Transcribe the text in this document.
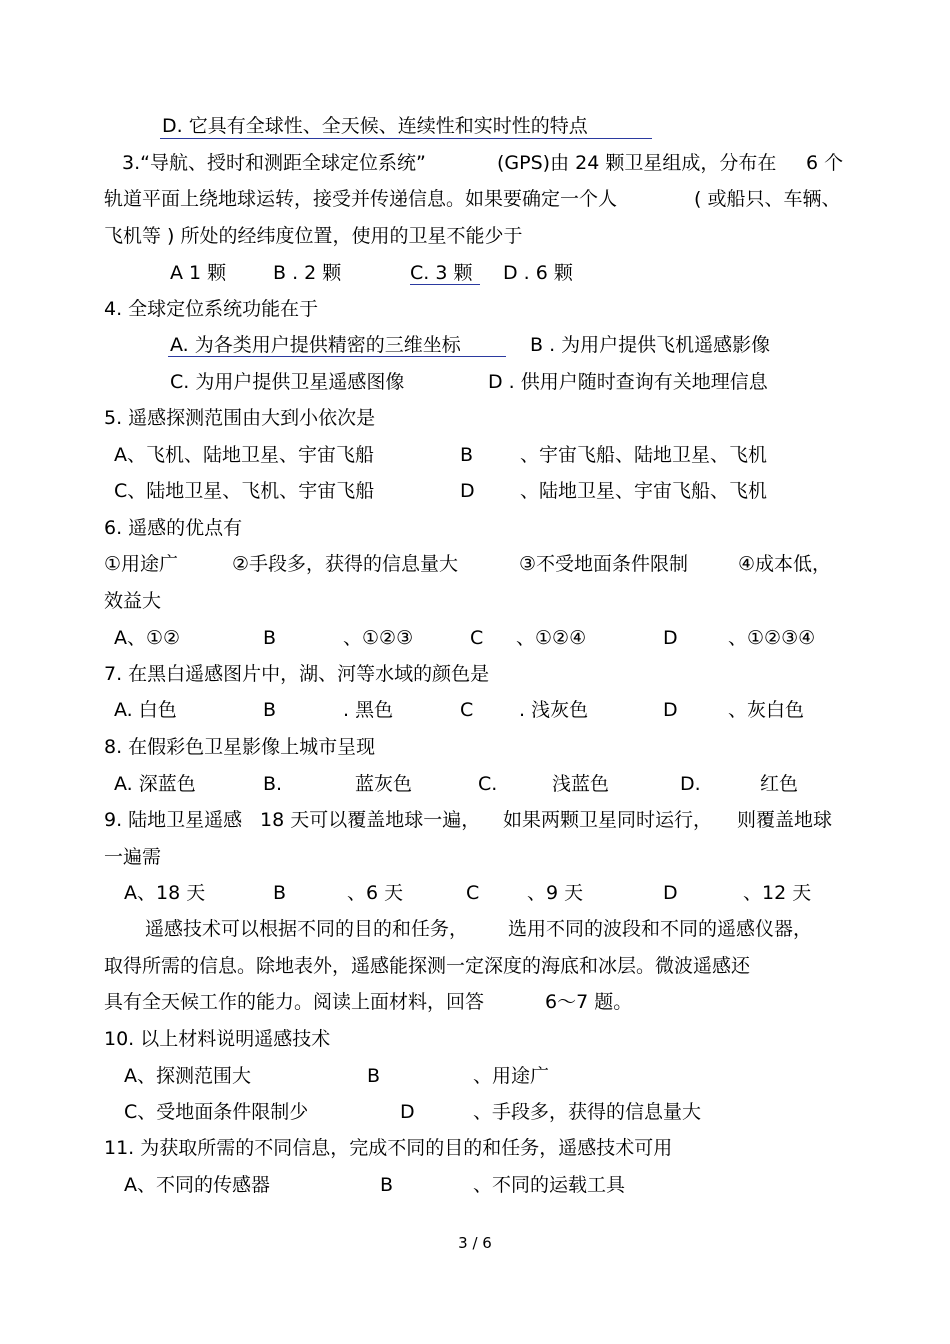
D. 它具有全球性、全天候、连续性和实时性的特点
3.“导航、授时和测距全球定位系统”	(GPS)由 24 颗卫星组成，分布在 6 个
轨道平面上绕地球运转，接受并传递信息。如果要确定一个人	( 或船只、车辆、
飞机等 ) 所处的经纬度位置，使用的卫星不能少于
A 1 颗 B . 2 颗	C. 3 颗 D . 6 颗
4. 全球定位系统功能在于
A. 为各类用户提供精密的三维坐标	B . 为用户提供飞机遥感影像
C. 为用户提供卫星遥感图像	D . 供用户随时查询有关地理信息
5. 遥感探测范围由大到小依次是
A、飞机、陆地卫星、宇宙飞船	B 、宇宙飞船、陆地卫星、飞机
C、陆地卫星、飞机、宇宙飞船	D 、陆地卫星、宇宙飞船、飞机
6. 遥感的优点有
①用途广	②手段多，获得的信息量大	③不受地面条件限制	④成本低，
效益大
A、①②	B	、①②③	C 、①②④	D	、①②③④
7. 在黑白遥感图片中，湖、河等水域的颜色是
A. 白色	B	. 黑色	C . 浅灰色	D	、灰白色
8. 在假彩色卫星影像上城市呈现
A. 深蓝色	B.	蓝灰色	C.	浅蓝色	D.	红色
9. 陆地卫星遥感 18 天可以覆盖地球一遍， 如果两颗卫星同时运行， 则覆盖地球
一遍需
A、18 天	B	、6 天	C	、9 天	D	、12 天
遥感技术可以根据不同的目的和任务， 选用不同的波段和不同的遥感仪器，
取得所需的信息。除地表外，遥感能探测一定深度的海底和冰层。微波遥感还
具有全天候工作的能力。阅读上面材料，回答	6～7 题。
10. 以上材料说明遥感技术
A、探测范围大	B	、用途广
C、受地面条件限制少	D	、手段多，获得的信息量大
11. 为获取所需的不同信息，完成不同的目的和任务，遥感技术可用
A、不同的传感器	B	、不同的运载工具
3 / 6
